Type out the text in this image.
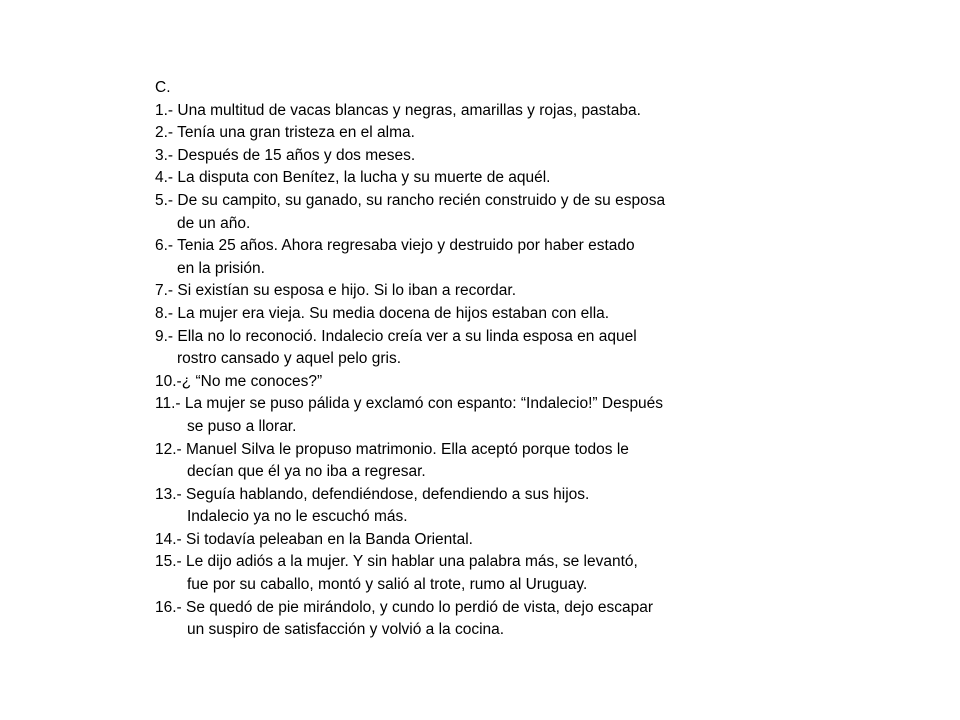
C.
1.- Una multitud de vacas blancas y negras, amarillas y rojas, pastaba.
2.- Tenía una gran tristeza en el alma.
3.- Después de 15 años y dos meses.
4.- La disputa con Benítez, la lucha y su muerte de aquél.
5.- De su campito, su ganado, su rancho recién construido y de su esposa
de un año.
6.- Tenia 25 años. Ahora regresaba viejo y destruido por haber estado
en la prisión.
7.- Si existían su esposa e hijo. Si lo iban a recordar.
8.- La mujer era vieja. Su media docena de hijos estaban con ella.
9.- Ella no lo reconoció. Indalecio creía ver a su linda esposa en aquel
rostro cansado y aquel pelo gris.
10.-¿ “No me conoces?”
11.- La mujer se puso pálida y exclamó con espanto: “Indalecio!” Después
se puso a llorar.
12.- Manuel Silva le propuso matrimonio. Ella aceptó porque todos le
decían que él ya no iba a regresar.
13.- Seguía hablando, defendiéndose, defendiendo a sus hijos.
Indalecio ya no le escuchó más.
14.- Si todavía peleaban en la Banda Oriental.
15.- Le dijo adiós a la mujer. Y sin hablar una palabra más, se levantó,
fue por su caballo, montó y salió al trote, rumo al Uruguay.
16.- Se quedó de pie mirándolo, y cundo lo perdió de vista, dejo escapar
un suspiro de satisfacción y volvió a la cocina.
